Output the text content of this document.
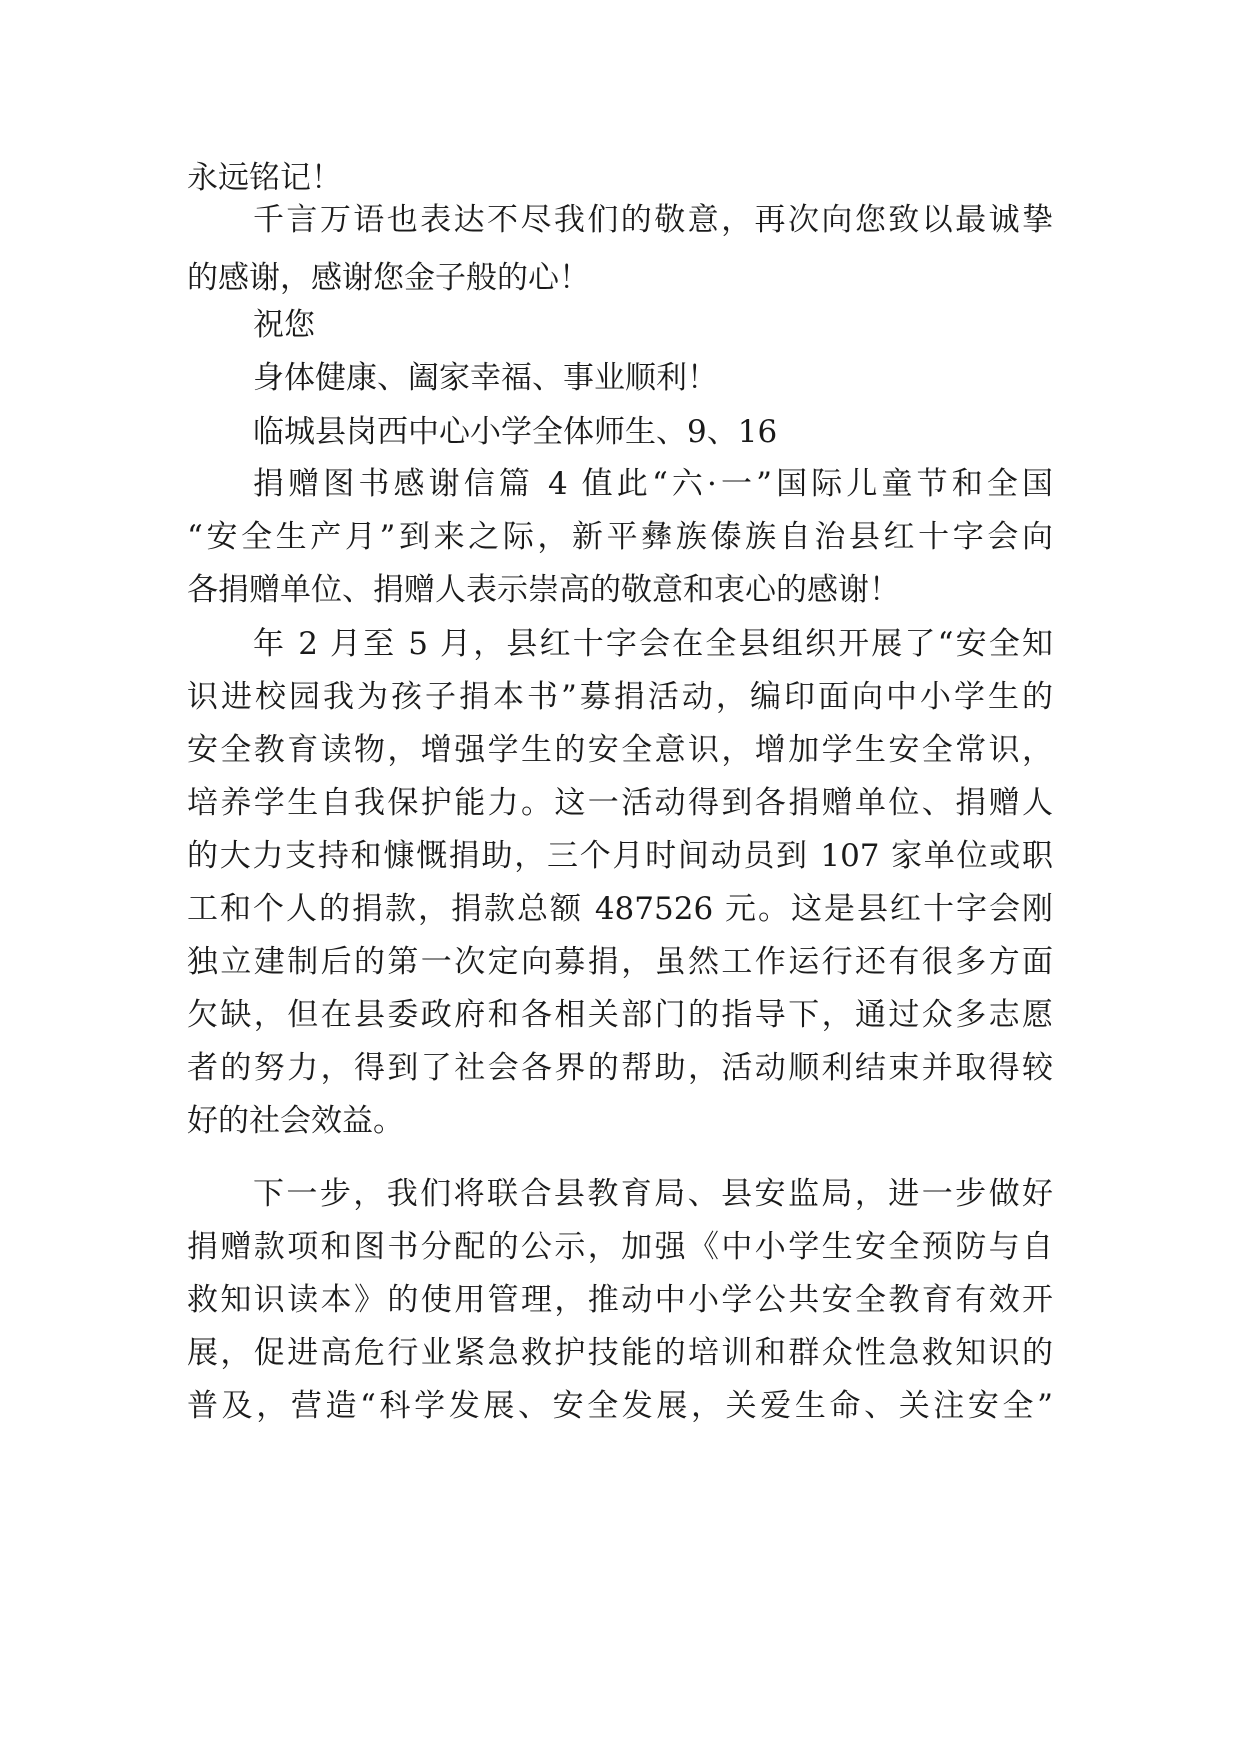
永远铭记！
千言万语也表达不尽我们的敬意，再次向您致以最诚挚
的感谢，感谢您金子般的心！
祝您
身体健康、阖家幸福、事业顺利！
临城县岗西中心小学全体师生、9、16
捐赠图书感谢信篇 4 值此“六·一”国际儿童节和全国
“安全生产月”到来之际，新平彝族傣族自治县红十字会向
各捐赠单位、捐赠人表示崇高的敬意和衷心的感谢！
年 2 月至 5 月，县红十字会在全县组织开展了“安全知
识进校园我为孩子捐本书”募捐活动，编印面向中小学生的
安全教育读物，增强学生的安全意识，增加学生安全常识，
培养学生自我保护能力。这一活动得到各捐赠单位、捐赠人
的大力支持和慷慨捐助，三个月时间动员到 107 家单位或职
工和个人的捐款，捐款总额 487526 元。这是县红十字会刚
独立建制后的第一次定向募捐，虽然工作运行还有很多方面
欠缺，但在县委政府和各相关部门的指导下，通过众多志愿
者的努力，得到了社会各界的帮助，活动顺利结束并取得较
好的社会效益。
下一步，我们将联合县教育局、县安监局，进一步做好
捐赠款项和图书分配的公示，加强《中小学生安全预防与自
救知识读本》的使用管理，推动中小学公共安全教育有效开
展，促进高危行业紧急救护技能的培训和群众性急救知识的
普及，营造“科学发展、安全发展，关爱生命、关注安全”
